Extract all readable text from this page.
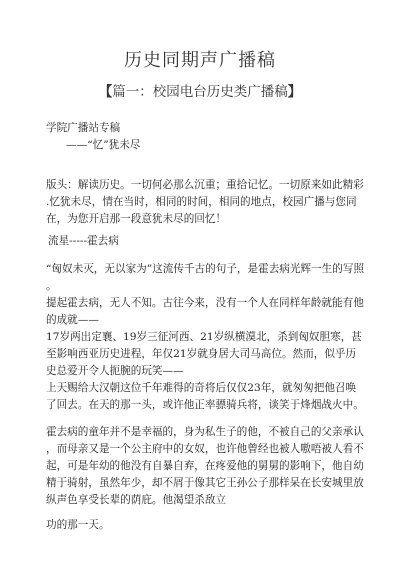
历史同期声广播稿
【篇一：校园电台历史类广播稿】
学院广播站专稿
——“忆”犹未尽
版头：解读历史。一切何必那么沉重；重拾记忆。一切原来如此精彩
.忆犹未尽，情在当时，相同的时间，相同的地点，校园广播与您同
在，为您开启那一段意犹未尽的回忆！
流星-----霍去病
“匈奴未灭，无以家为”这流传千古的句子，是霍去病光辉一生的写照
。
提起霍去病，无人不知。古往今来，没有一个人在同样年龄就能有他
的成就——
17岁两出定襄、19岁三征河西、21岁纵横漠北，杀到匈奴胆寒，甚
至影响西亚历史进程，年仅21岁就身居大司马高位。然而，似乎历
史总爱开令人扼腕的玩笑——
上天赐给大汉朝这位千年难得的奇将后仅仅23年，就匆匆把他召唤
了回去。在天的那一头，或许他正率骠骑兵将，谈笑于烽烟战火中。
霍去病的童年并不是幸福的，身为私生子的他，不被自己的父亲承认
，而母亲又是一个公主府中的女奴，也许他曾经也被人嗷唔被人看不
起，可是年幼的他没有自暴自弃，在疼爱他的舅舅的影响下，他自幼
精于骑射，虽然年少，却不屑于像其它王孙公子那样呆在长安城里放
纵声色享受长辈的荫庇。他渴望杀敌立
功的那一天。
